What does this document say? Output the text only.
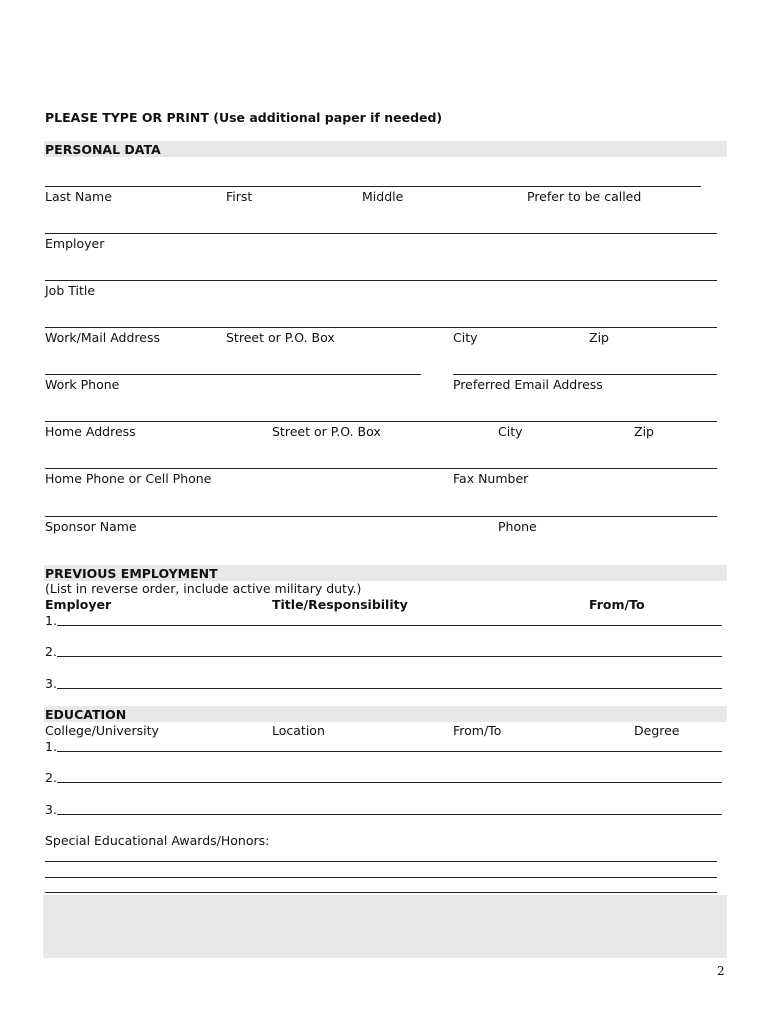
PLEASE TYPE OR PRINT (Use additional paper if needed)
PERSONAL DATA
Last Name	First	Middle	Prefer to be called
Employer
Job Title
Work/Mail Address	Street or P.O. Box	City	Zip
Work Phone	Preferred Email Address
Home Address	Street or P.O. Box	City	Zip
Home Phone or Cell Phone	Fax Number
Sponsor Name	Phone
PREVIOUS EMPLOYMENT
(List in reverse order, include active military duty.)
Employer	Title/Responsibility	From/To
1.
2.
3.
EDUCATION
College/University	Location	From/To	Degree
1.
2.
3.
Special Educational Awards/Honors:
2
